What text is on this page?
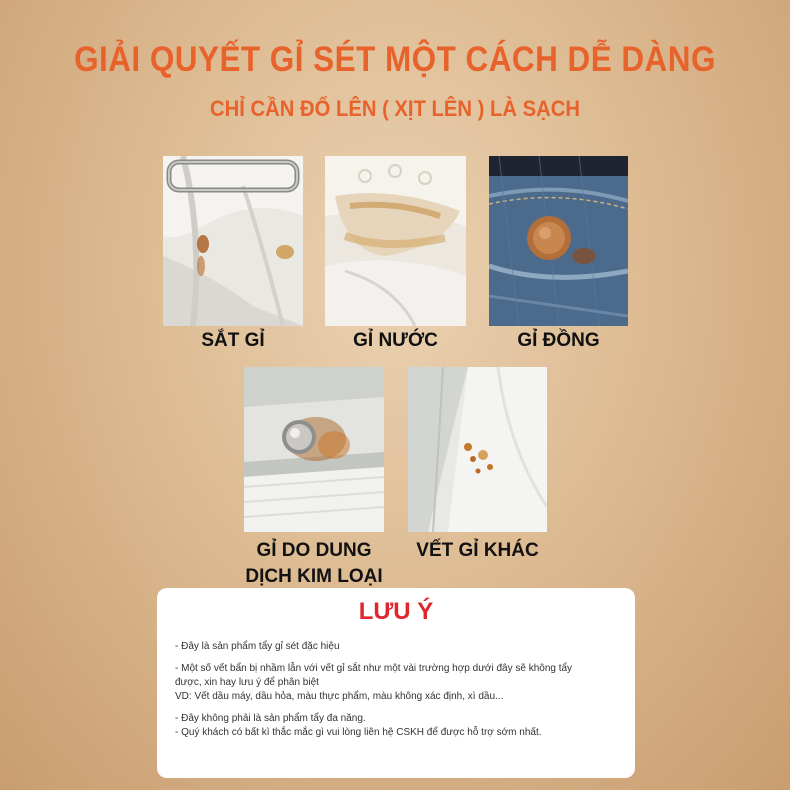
GIẢI QUYẾT GỈ SÉT MỘT CÁCH DỄ DÀNG
CHỈ CẦN ĐỔ LÊN ( XỊT LÊN ) LÀ SẠCH
SẮT GỈ	GỈ NƯỚC	GỈ ĐỒNG
GỈ DO DUNG
DỊCH KIM LOẠI
VẾT GỈ KHÁC
LƯU Ý

- Đây là sản phẩm tẩy gỉ sét đặc hiệu

- Một số vết bẩn bị nhầm lẫn với vết gỉ sắt như một vài trường hợp dưới đây sẽ không tẩy

được, xin hay lưu ý để phân biệt

VD: Vết dầu máy, dầu hỏa, màu thực phẩm, màu không xác định, xì dầu...

- Đây không phải là sản phẩm tẩy đa năng.

- Quý khách có bất kì thắc mắc gì vui lòng liên hệ CSKH để được hỗ trợ sớm nhất.
